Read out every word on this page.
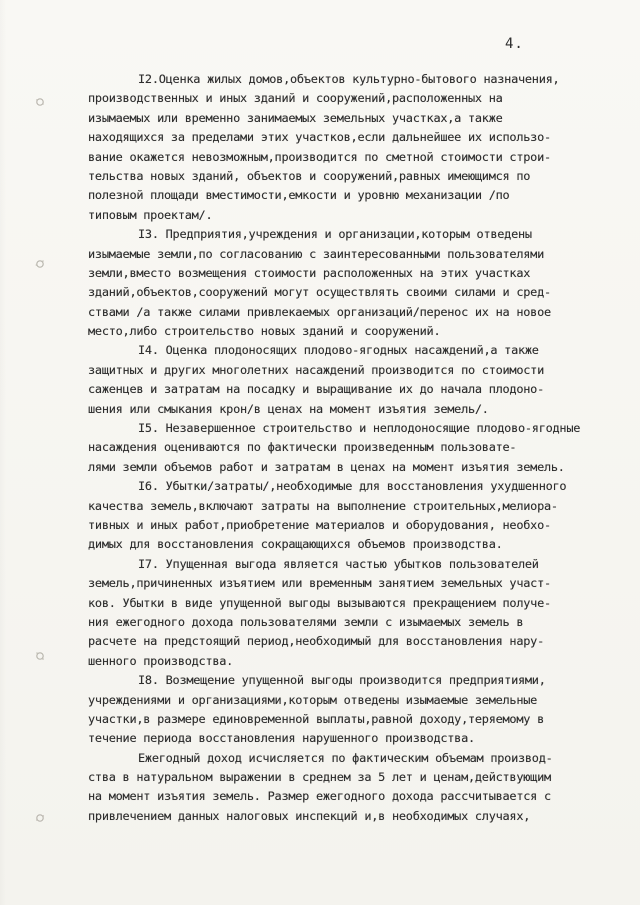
4.
I2.Оценка жилых домов,объектов культурно-бытового назначения,
производственных и иных зданий и сооружений,расположенных на
изымаемых или временно занимаемых земельных участках,а также
находящихся за пределами этих участков,если дальнейшее их использо-
вание окажется невозможным,производится по сметной стоимости строи-
тельства новых зданий, объектов и сооружений,равных имеющимся по
полезной площади вместимости,емкости и уровню механизации /по
типовым проектам/.
I3. Предприятия,учреждения и организации,которым отведены
изымаемые земли,по согласованию с заинтересованными пользователями
земли,вместо возмещения стоимости расположенных на этих участках
зданий,объектов,сооружений могут осуществлять своими силами и сред-
ствами /а также силами привлекаемых организаций/перенос их на новое
место,либо строительство новых зданий и сооружений.
I4. Оценка плодоносящих плодово-ягодных насаждений,а также
защитных и других многолетних насаждений производится по стоимости
саженцев и затратам на посадку и выращивание их до начала плодоно-
шения или смыкания крон/в ценах на момент изъятия земель/.
I5. Незавершенное строительство и неплодоносящие плодово-ягодные
насаждения оцениваются по фактически произведенным пользовате-
лями земли объемов работ и затратам в ценах на момент изъятия земель.
I6. Убытки/затраты/,необходимые для восстановления ухудшенного
качества земель,включают затраты на выполнение строительных,мелиора-
тивных и иных работ,приобретение материалов и оборудования, необхо-
димых для восстановления сокращающихся объемов производства.
I7. Упущенная выгода является частью убытков пользователей
земель,причиненных изъятием или временным занятием земельных участ-
ков. Убытки в виде упущенной выгоды вызываются прекращением получе-
ния ежегодного дохода пользователями земли с изымаемых земель в
расчете на предстоящий период,необходимый для восстановления нару-
шенного производства.
I8. Возмещение упущенной выгоды производится предприятиями,
учреждениями и организациями,которым отведены изымаемые земельные
участки,в размере единовременной выплаты,равной доходу,теряемому в
течение периода восстановления нарушенного производства.
Ежегодный доход исчисляется по фактическим объемам производ-
ства в натуральном выражении в среднем за 5 лет и ценам,действующим
на момент изъятия земель. Размер ежегодного дохода рассчитывается с
привлечением данных налоговых инспекций и,в необходимых случаях,
